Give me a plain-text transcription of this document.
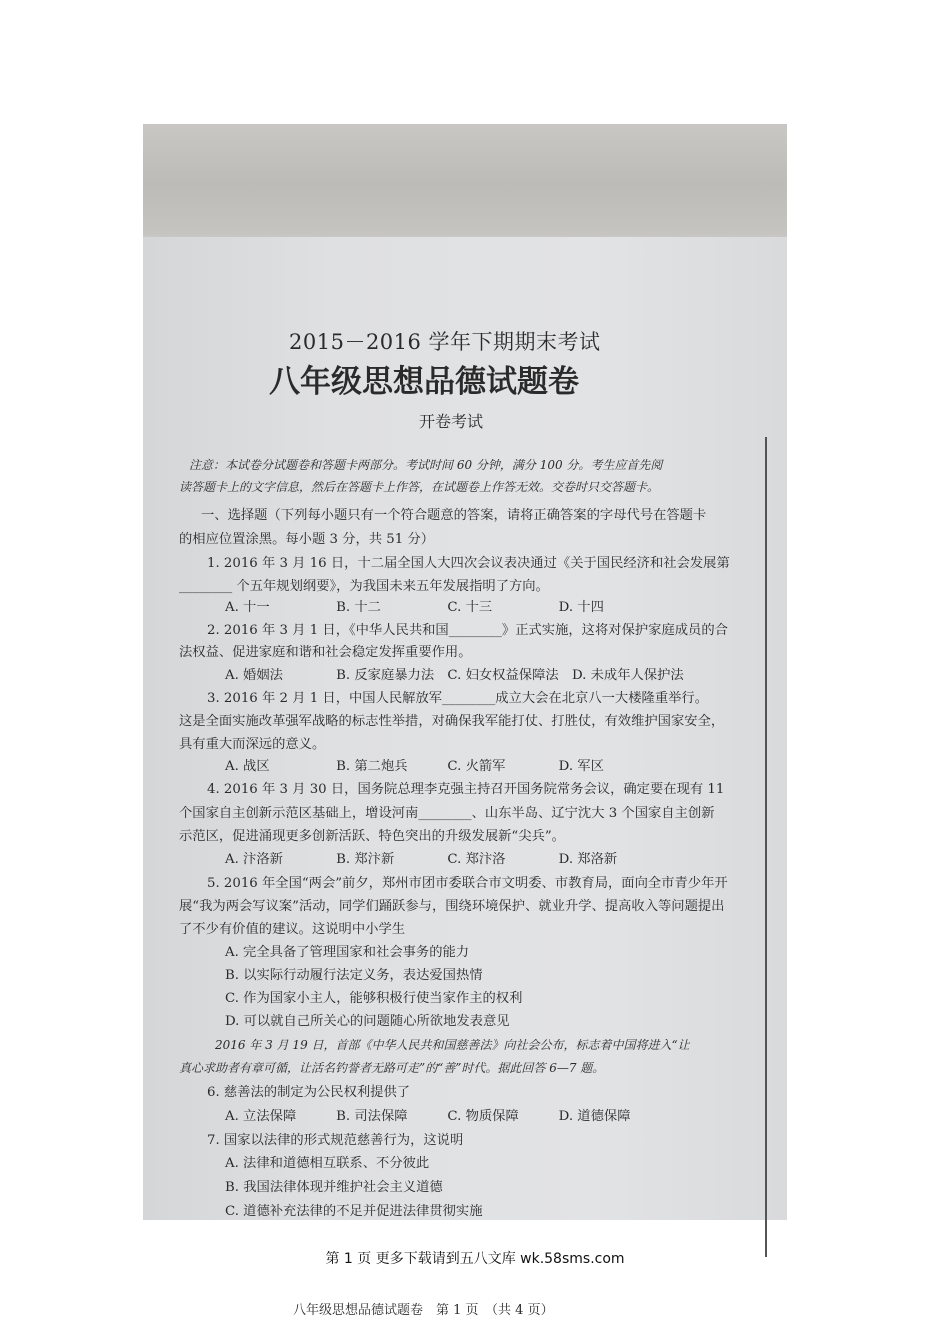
2015－2016 学年下期期末考试
八年级思想品德试题卷
开卷考试
注意：本试卷分试题卷和答题卡两部分。考试时间 60 分钟，满分 100 分。考生应首先阅
读答题卡上的文字信息，然后在答题卡上作答，在试题卷上作答无效。交卷时只交答题卡。
一、选择题（下列每小题只有一个符合题意的答案，请将正确答案的字母代号在答题卡
的相应位置涂黑。每小题 3 分，共 51 分）
1. 2016 年 3 月 16 日，十二届全国人大四次会议表决通过《关于国民经济和社会发展第
________ 个五年规划纲要》，为我国未来五年发展指明了方向。
A. 十一　　　　　B. 十二　　　　　C. 十三　　　　　D. 十四
2. 2016 年 3 月 1 日，《中华人民共和国________》正式实施，这将对保护家庭成员的合
法权益、促进家庭和谐和社会稳定发挥重要作用。
A. 婚姻法　　　　B. 反家庭暴力法　C. 妇女权益保障法　D. 未成年人保护法
3. 2016 年 2 月 1 日，中国人民解放军________成立大会在北京八一大楼隆重举行。
这是全面实施改革强军战略的标志性举措，对确保我军能打仗、打胜仗，有效维护国家安全，
具有重大而深远的意义。
A. 战区　　　　　B. 第二炮兵　　　C. 火箭军　　　　D. 军区
4. 2016 年 3 月 30 日，国务院总理李克强主持召开国务院常务会议，确定要在现有 11
个国家自主创新示范区基础上，增设河南________、山东半岛、辽宁沈大 3 个国家自主创新
示范区，促进涌现更多创新活跃、特色突出的升级发展新“尖兵”。
A. 汴洛新　　　　B. 郑汴新　　　　C. 郑汴洛　　　　D. 郑洛新
5. 2016 年全国“两会”前夕，郑州市团市委联合市文明委、市教育局，面向全市青少年开
展“我为两会写议案”活动，同学们踊跃参与，围绕环境保护、就业升学、提高收入等问题提出
了不少有价值的建议。这说明中小学生
A. 完全具备了管理国家和社会事务的能力
B. 以实际行动履行法定义务，表达爱国热情
C. 作为国家小主人，能够积极行使当家作主的权利
D. 可以就自己所关心的问题随心所欲地发表意见
2016 年 3 月 19 日，首部《中华人民共和国慈善法》向社会公布，标志着中国将进入“让
真心求助者有章可循，让活名钓誉者无路可走”的“善”时代。据此回答 6—7 题。
6. 慈善法的制定为公民权利提供了
A. 立法保障　　　B. 司法保障　　　C. 物质保障　　　D. 道德保障
7. 国家以法律的形式规范慈善行为，这说明
A. 法律和道德相互联系、不分彼此
B. 我国法律体现并维护社会主义道德
C. 道德补充法律的不足并促进法律贯彻实施
八年级思想品德试题卷　第 1 页　（共 4 页）
第 1 页 更多下载请到五八文库 wk.58sms.com
